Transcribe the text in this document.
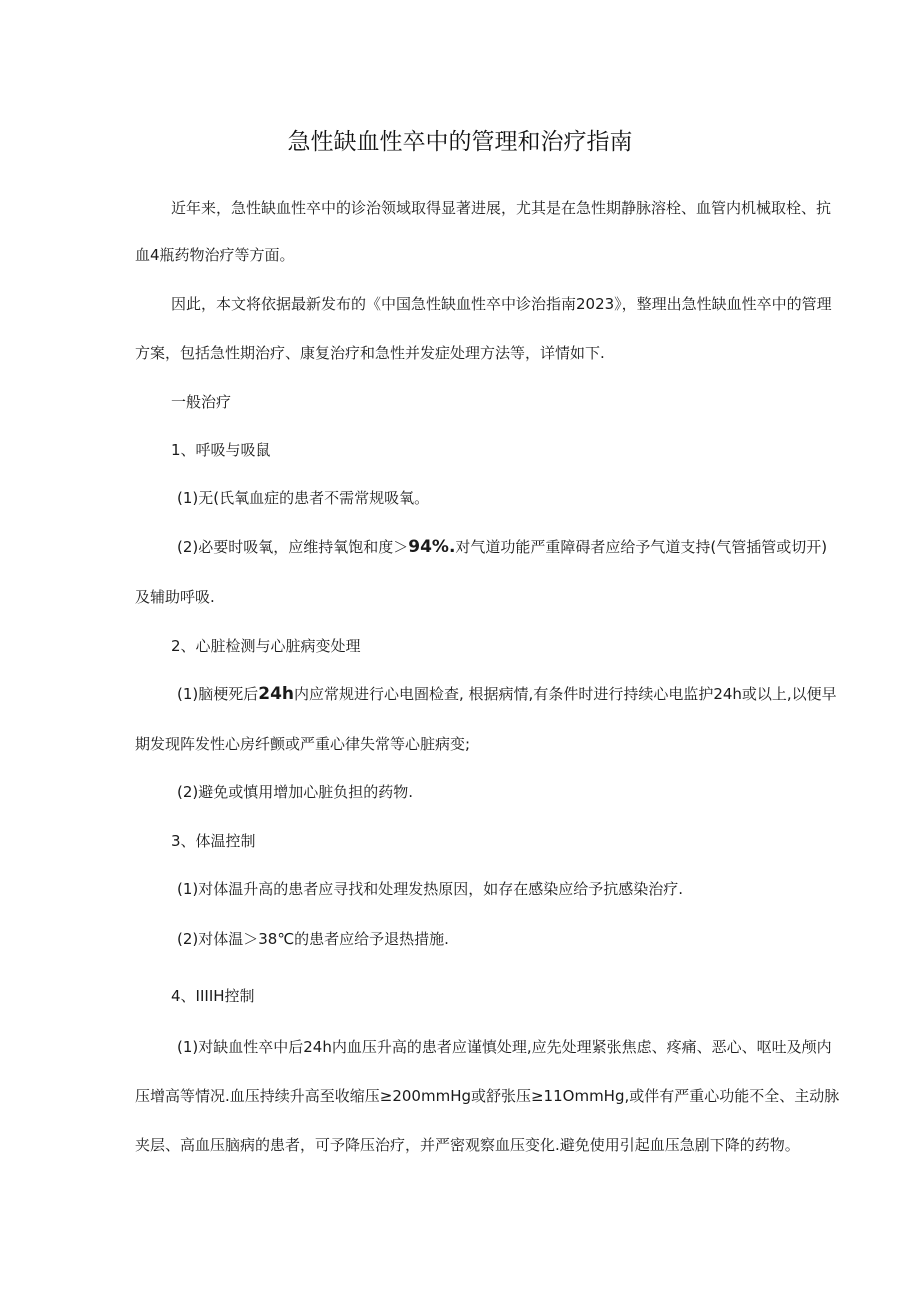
急性缺血性卒中的管理和治疗指南
近年来，急性缺血性卒中的诊治领域取得显著进展，尤其是在急性期静脉溶栓、血管内机械取栓、抗
血4瓶药物治疗等方面。
因此，本文将依据最新发布的《中国急性缺血性卒中诊治指南2023》，整理出急性缺血性卒中的管理
方案，包括急性期治疗、康复治疗和急性并发症处理方法等，详情如下.
一般治疗
1、呼吸与吸鼠
(1)无(氏氧血症的患者不需常规吸氧。
(2)必要时吸氧，应维持氧饱和度＞94%.对气道功能严重障碍者应给予气道支持(气管插管或切开)
及辅助呼吸.
2、心脏检测与心脏病变处理
(1)脑梗死后24h内应常规进行心电圄检查, 根据病情,有条件时进行持续心电监护24h或以上,以便早
期发现阵发性心房纤颤或严重心律失常等心脏病变;
(2)避免或慎用增加心脏负担的药物.
3、体温控制
(1)对体温升高的患者应寻找和处理发热原因，如存在感染应给予抗感染治疗.
(2)对体温＞38℃的患者应给予退热措施.
4、IIIIH控制
(1)对缺血性卒中后24h内血压升高的患者应谨慎处理,应先处理紧张焦虑、疼痛、恶心、呕吐及颅内
压增高等情况.血压持续升高至收缩压≥200mmHg或舒张压≥11OmmHg,或伴有严重心功能不全、主动脉
夹层、高血压脑病的患者，可予降压治疗，并严密观察血压变化.避免使用引起血压急剧下降的药物。
